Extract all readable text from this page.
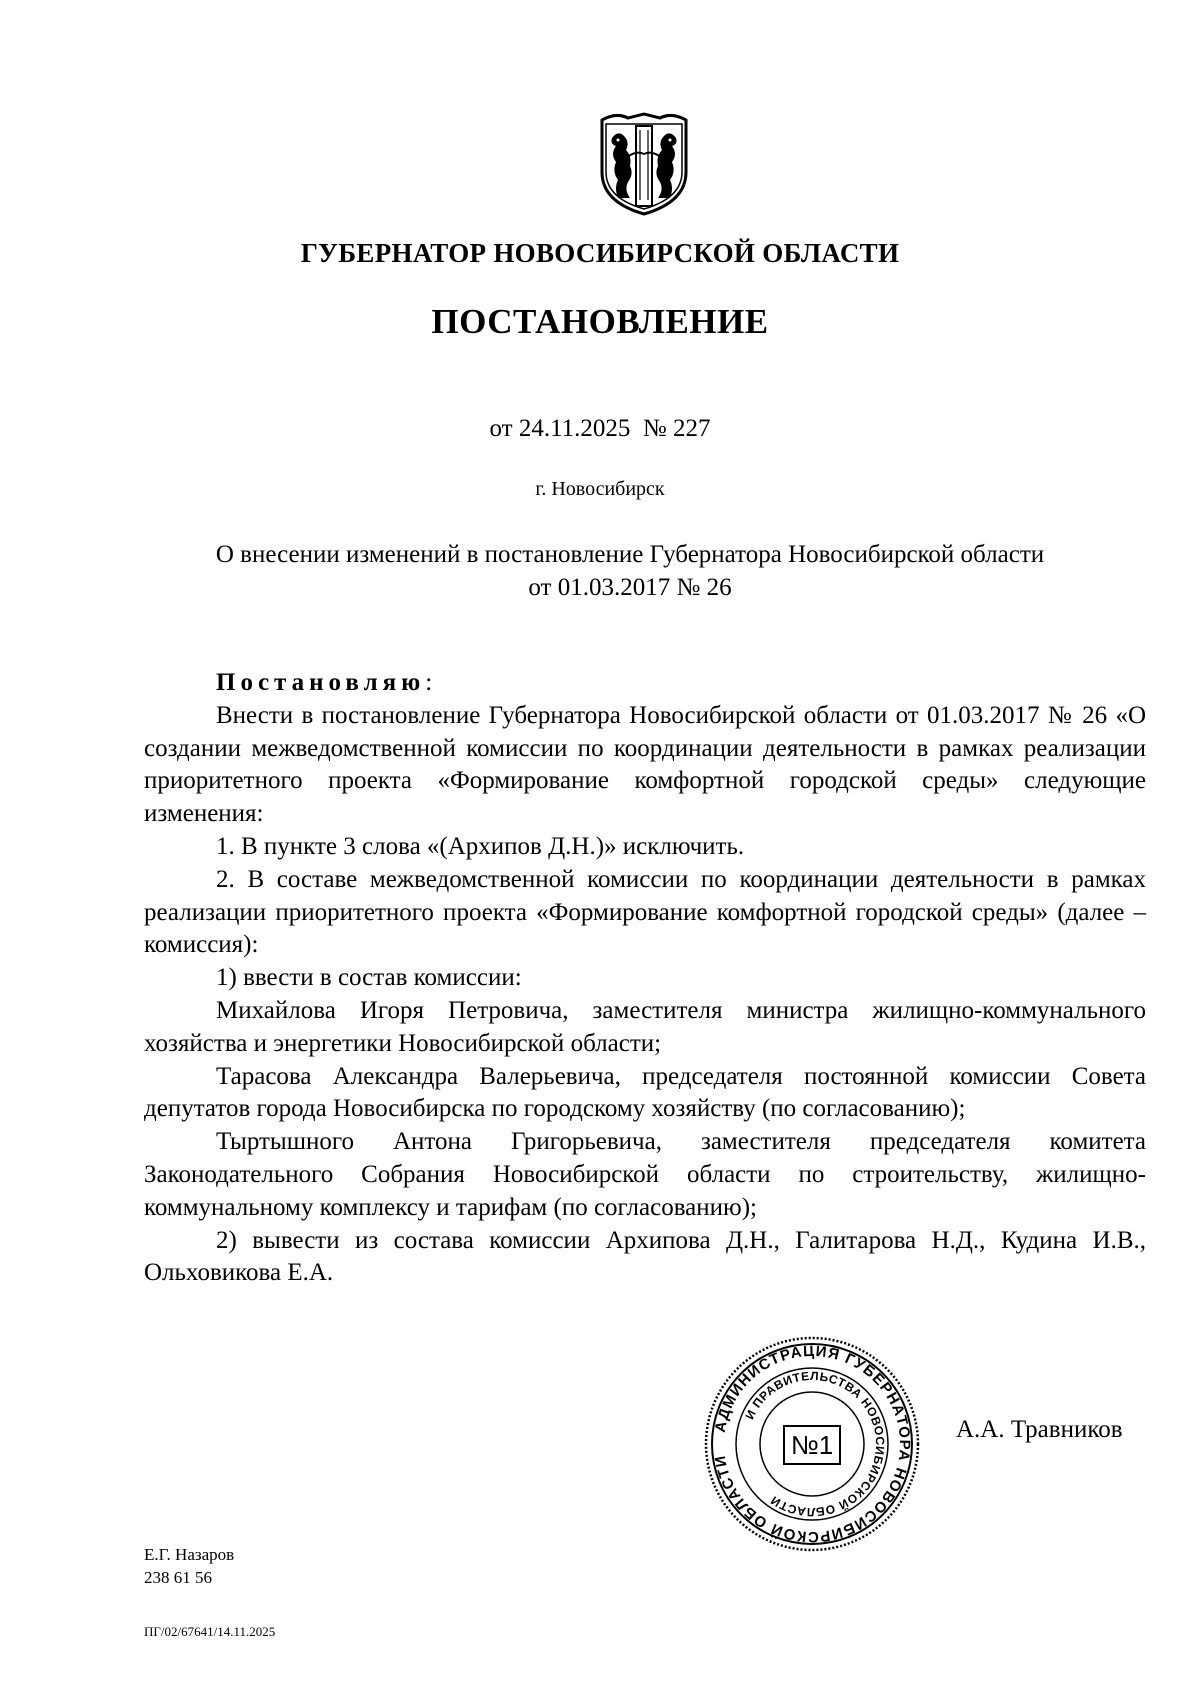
ГУБЕРНАТОР НОВОСИБИРСКОЙ ОБЛАСТИ
ПОСТАНОВЛЕНИЕ
от 24.11.2025  № 227
г. Новосибирск
О внесении изменений в постановление Губернатора Новосибирской области
от 01.03.2017 № 26

Постановляю:

Внести в постановление Губернатора Новосибирской области от 01.03.2017 № 26 «О создании межведомственной комиссии по координации деятельности в рамках реализации приоритетного проекта «Формирование комфортной городской среды» следующие изменения:

1. В пункте 3 слова «(Архипов Д.Н.)» исключить.

2. В составе межведомственной комиссии по координации деятельности в рамках реализации приоритетного проекта «Формирование комфортной городской среды» (далее – комиссия):

1) ввести в состав комиссии:

Михайлова Игоря Петровича, заместителя министра жилищно-коммунального хозяйства и энергетики Новосибирской области;

Тарасова Александра Валерьевича, председателя постоянной комиссии Совета депутатов города Новосибирска по городскому хозяйству (по согласованию);

Тыртышного Антона Григорьевича, заместителя председателя комитета Законодательного Собрания Новосибирской области по строительству, жилищно-коммунальному комплексу и тарифам (по согласованию);

2) вывести из состава комиссии Архипова Д.Н., Галитарова Н.Д., Кудина И.В., Ольховикова Е.А.

АДМИНИСТРАЦИЯ ГУБЕРНАТОРА НОВОСИБИРСКОЙ ОБЛАСТИ
И ПРАВИТЕЛЬСТВА НОВОСИБИРСКОЙ ОБЛАСТИ
№1
А.А. Травников
Е.Г. Назаров
238 61 56
ПГ/02/67641/14.11.2025
